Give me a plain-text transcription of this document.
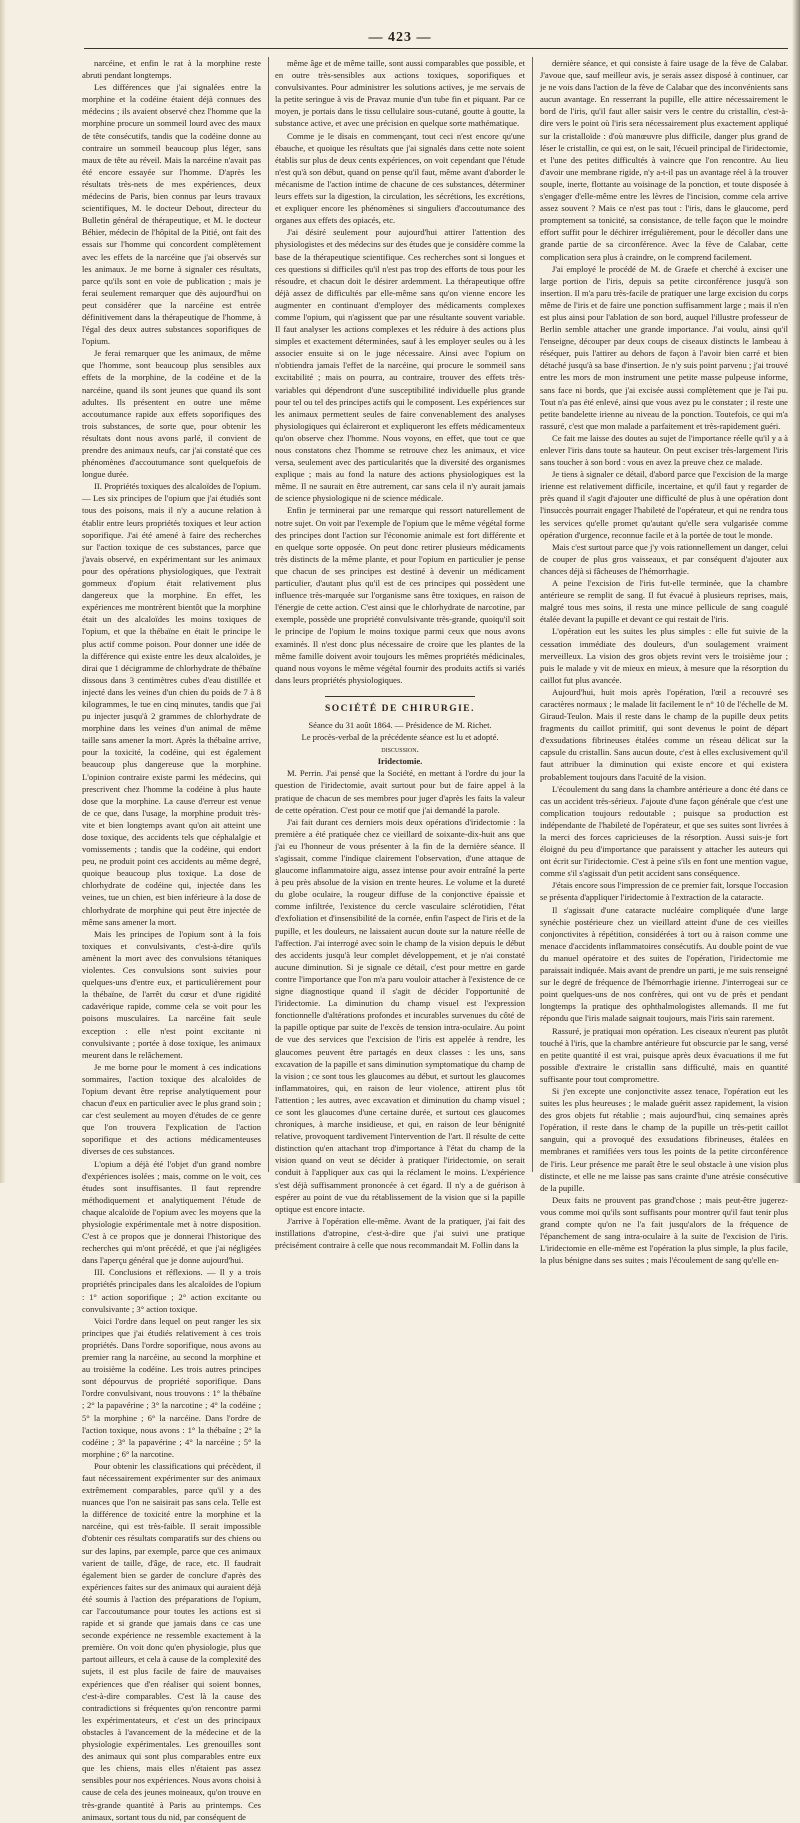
— 423 —

narcéine, et enfin le rat à la morphine reste abruti pendant longtemps.

Les différences que j'ai signalées entre la morphine et la codéine étaient déjà connues des médecins ; ils avaient observé chez l'homme que la morphine procure un sommeil lourd avec des maux de tête consécutifs, tandis que la codéine donne au contraire un sommeil beaucoup plus léger, sans maux de tête au réveil. Mais la narcéine n'avait pas été encore essayée sur l'homme. D'après les résultats très-nets de mes expériences, deux médecins de Paris, bien connus par leurs travaux scientifiques, M. le docteur Debout, directeur du Bulletin général de thérapeutique, et M. le docteur Béhier, médecin de l'hôpital de la Pitié, ont fait des essais sur l'homme qui concordent complètement avec les effets de la narcéine que j'ai observés sur les animaux. Je me borne à signaler ces résultats, parce qu'ils sont en voie de publication ; mais je ferai seulement remarquer que dès aujourd'hui on peut considérer que la narcéine est entrée définitivement dans la thérapeutique de l'homme, à l'égal des deux autres substances soporifiques de l'opium.

Je ferai remarquer que les animaux, de même que l'homme, sont beaucoup plus sensibles aux effets de la morphine, de la codéine et de la narcéine, quand ils sont jeunes que quand ils sont adultes. Ils présentent en outre une même accoutumance rapide aux effets soporifiques des trois substances, de sorte que, pour obtenir les résultats dont nous avons parlé, il convient de prendre des animaux neufs, car j'ai constaté que ces phénomènes d'accoutumance sont quelquefois de longue durée.

II. Propriétés toxiques des alcaloïdes de l'opium. — Les six principes de l'opium que j'ai étudiés sont tous des poisons, mais il n'y a aucune relation à établir entre leurs propriétés toxiques et leur action soporifique. J'ai été amené à faire des recherches sur l'action toxique de ces substances, parce que j'avais observé, en expérimentant sur les animaux pour des opérations physiologiques, que l'extrait gommeux d'opium était relativement plus dangereux que la morphine. En effet, les expériences me montrèrent bientôt que la morphine était un des alcaloïdes les moins toxiques de l'opium, et que la thébaïne en était le principe le plus actif comme poison. Pour donner une idée de la différence qui existe entre les deux alcaloïdes, je dirai que 1 décigramme de chlorhydrate de thébaïne dissous dans 3 centimètres cubes d'eau distillée et injecté dans les veines d'un chien du poids de 7 à 8 kilogrammes, le tue en cinq minutes, tandis que j'ai pu injecter jusqu'à 2 grammes de chlorhydrate de morphine dans les veines d'un animal de même taille sans amener la mort. Après la thébaïne arrive, pour la toxicité, la codéine, qui est également beaucoup plus dangereuse que la morphine. L'opinion contraire existe parmi les médecins, qui prescrivent chez l'homme la codéine à plus haute dose que la morphine. La cause d'erreur est venue de ce que, dans l'usage, la morphine produit très-vite et bien longtemps avant qu'on ait atteint une dose toxique, des accidents tels que céphalalgie et vomissements ; tandis que la codéine, qui endort peu, ne produit point ces accidents au même degré, quoique beaucoup plus toxique. La dose de chlorhydrate de codéine qui, injectée dans les veines, tue un chien, est bien inférieure à la dose de chlorhydrate de morphine qui peut être injectée de même sans amener la mort.

Mais les principes de l'opium sont à la fois toxiques et convulsivants, c'est-à-dire qu'ils amènent la mort avec des convulsions tétaniques violentes. Ces convulsions sont suivies pour quelques-uns d'entre eux, et particulièrement pour la thébaïne, de l'arrêt du cœur et d'une rigidité cadavérique rapide, comme cela se voit pour les poisons musculaires. La narcéine fait seule exception : elle n'est point excitante ni convulsivante ; portée à dose toxique, les animaux meurent dans le relâchement.

Je me borne pour le moment à ces indications sommaires, l'action toxique des alcaloïdes de l'opium devant être reprise analytiquement pour chacun d'eux en particulier avec le plus grand soin ; car c'est seulement au moyen d'études de ce genre que l'on trouvera l'explication de l'action soporifique et des actions médicamenteuses diverses de ces substances.

L'opium a déjà été l'objet d'un grand nombre d'expériences isolées ; mais, comme on le voit, ces études sont insuffisantes. Il faut reprendre méthodiquement et analytiquement l'étude de chaque alcaloïde de l'opium avec les moyens que la physiologie expérimentale met à notre disposition. C'est à ce propos que je donnerai l'historique des recherches qui m'ont précédé, et que j'ai négligées dans l'aperçu général que je donne aujourd'hui.

III. Conclusions et réflexions. — Il y a trois propriétés principales dans les alcaloïdes de l'opium : 1° action soporifique ; 2° action excitante ou convulsivante ; 3° action toxique.

Voici l'ordre dans lequel on peut ranger les six principes que j'ai étudiés relativement à ces trois propriétés. Dans l'ordre soporifique, nous avons au premier rang la narcéine, au second la morphine et au troisième la codéine. Les trois autres principes sont dépourvus de propriété soporifique. Dans l'ordre convulsivant, nous trouvons : 1° la thébaïne ; 2° la papavérine ; 3° la narcotine ; 4° la codéine ; 5° la morphine ; 6° la narcéine. Dans l'ordre de l'action toxique, nous avons : 1° la thébaïne ; 2° la codéine ; 3° la papavérine ; 4° la narcéine ; 5° la morphine ; 6° la narcotine.

Pour obtenir les classifications qui précèdent, il faut nécessairement expérimenter sur des animaux extrêmement comparables, parce qu'il y a des nuances que l'on ne saisirait pas sans cela. Telle est la différence de toxicité entre la morphine et la narcéine, qui est très-faible. Il serait impossible d'obtenir ces résultats comparatifs sur des chiens ou sur des lapins, par exemple, parce que ces animaux varient de taille, d'âge, de race, etc. Il faudrait également bien se garder de conclure d'après des expériences faites sur des animaux qui auraient déjà été soumis à l'action des préparations de l'opium, car l'accoutumance pour toutes les actions est si rapide et si grande que jamais dans ce cas une seconde expérience ne ressemble exactement à la première. On voit donc qu'en physiologie, plus que partout ailleurs, et cela à cause de la complexité des sujets, il est plus facile de faire de mauvaises expériences que d'en réaliser qui soient bonnes, c'est-à-dire comparables. C'est là la cause des contradictions si fréquentes qu'on rencontre parmi les expérimentateurs, et c'est un des principaux obstacles à l'avancement de la médecine et de la physiologie expérimentales. Les grenouilles sont des animaux qui sont plus comparables entre eux que les chiens, mais elles n'étaient pas assez sensibles pour nos expériences. Nous avons choisi à cause de cela des jeunes moineaux, qu'on trouve en très-grande quantité à Paris au printemps. Ces animaux, sortant tous du nid, par conséquent de

même âge et de même taille, sont aussi comparables que possible, et en outre très-sensibles aux actions toxiques, soporifiques et convulsivantes. Pour administrer les solutions actives, je me servais de la petite seringue à vis de Pravaz munie d'un tube fin et piquant. Par ce moyen, je portais dans le tissu cellulaire sous-cutané, goutte à goutte, la substance active, et avec une précision en quelque sorte mathématique.

Comme je le disais en commençant, tout ceci n'est encore qu'une ébauche, et quoique les résultats que j'ai signalés dans cette note soient établis sur plus de deux cents expériences, on voit cependant que l'étude n'est qu'à son début, quand on pense qu'il faut, même avant d'aborder le mécanisme de l'action intime de chacune de ces substances, déterminer leurs effets sur la digestion, la circulation, les sécrétions, les excrétions, et expliquer encore les phénomènes si singuliers d'accoutumance des organes aux effets des opiacés, etc.

J'ai désiré seulement pour aujourd'hui attirer l'attention des physiologistes et des médecins sur des études que je considère comme la base de la thérapeutique scientifique. Ces recherches sont si longues et ces questions si difficiles qu'il n'est pas trop des efforts de tous pour les résoudre, et chacun doit le désirer ardemment. La thérapeutique offre déjà assez de difficultés par elle-même sans qu'on vienne encore les augmenter en continuant d'employer des médicaments complexes comme l'opium, qui n'agissent que par une résultante souvent variable. Il faut analyser les actions complexes et les réduire à des actions plus simples et exactement déterminées, sauf à les employer seules ou à les associer ensuite si on le juge nécessaire. Ainsi avec l'opium on n'obtiendra jamais l'effet de la narcéine, qui procure le sommeil sans excitabilité ; mais on pourra, au contraire, trouver des effets très-variables qui dépendront d'une susceptibilité individuelle plus grande pour tel ou tel des principes actifs qui le composent. Les expériences sur les animaux permettent seules de faire convenablement des analyses physiologiques qui éclaireront et expliqueront les effets médicamenteux qu'on observe chez l'homme. Nous voyons, en effet, que tout ce que nous constatons chez l'homme se retrouve chez les animaux, et vice versa, seulement avec des particularités que la diversité des organismes explique ; mais au fond la nature des actions physiologiques est la même. Il ne saurait en être autrement, car sans cela il n'y aurait jamais de science physiologique ni de science médicale.

Enfin je terminerai par une remarque qui ressort naturellement de notre sujet. On voit par l'exemple de l'opium que le même végétal forme des principes dont l'action sur l'économie animale est fort différente et en quelque sorte opposée. On peut donc retirer plusieurs médicaments très distincts de la même plante, et pour l'opium en particulier je pense que chacun de ses principes est destiné à devenir un médicament particulier, d'autant plus qu'il est de ces principes qui possèdent une influence très-marquée sur l'organisme sans être toxiques, en raison de l'énergie de cette action. C'est ainsi que le chlorhydrate de narcotine, par exemple, possède une propriété convulsivante très-grande, quoiqu'il soit le principe de l'opium le moins toxique parmi ceux que nous avons examinés. Il n'est donc plus nécessaire de croire que les plantes de la même famille doivent avoir toujours les mêmes propriétés médicinales, quand nous voyons le même végétal fournir des produits actifs si variés dans leurs propriétés physiologiques.

SOCIÉTÉ DE CHIRURGIE.

Séance du 31 août 1864. — Présidence de M. Richet.

Le procès-verbal de la précédente séance est lu et adopté.

discussion.

Iridectomie.

M. Perrin. J'ai pensé que la Société, en mettant à l'ordre du jour la question de l'iridectomie, avait surtout pour but de faire appel à la pratique de chacun de ses membres pour juger d'après les faits la valeur de cette opération. C'est pour ce motif que j'ai demandé la parole.

J'ai fait durant ces derniers mois deux opérations d'iridectomie : la première a été pratiquée chez ce vieillard de soixante-dix-huit ans que j'ai eu l'honneur de vous présenter à la fin de la dernière séance. Il s'agissait, comme l'indique clairement l'observation, d'une attaque de glaucome inflammatoire aigu, assez intense pour avoir entraîné la perte à peu près absolue de la vision en trente heures. Le volume et la dureté du globe oculaire, la rougeur diffuse de la conjonctive épaissie et comme infiltrée, l'existence du cercle vasculaire sclérotidien, l'état d'exfoliation et d'insensibilité de la cornée, enfin l'aspect de l'iris et de la pupille, et les douleurs, ne laissaient aucun doute sur la nature réelle de l'affection. J'ai interrogé avec soin le champ de la vision depuis le début des accidents jusqu'à leur complet développement, et je n'ai constaté aucune diminution. Si je signale ce détail, c'est pour mettre en garde contre l'importance que l'on m'a paru vouloir attacher à l'existence de ce signe diagnostique quand il s'agit de décider l'opportunité de l'iridectomie. La diminution du champ visuel est l'expression fonctionnelle d'altérations profondes et incurables survenues du côté de la papille optique par suite de l'excès de tension intra-oculaire. Au point de vue des services que l'excision de l'iris est appelée à rendre, les glaucomes peuvent être partagés en deux classes : les uns, sans excavation de la papille et sans diminution symptomatique du champ de la vision ; ce sont tous les glaucomes au début, et surtout les glaucomes inflammatoires, qui, en raison de leur violence, attirent plus tôt l'attention ; les autres, avec excavation et diminution du champ visuel ; ce sont les glaucomes d'une certaine durée, et surtout ces glaucomes chroniques, à marche insidieuse, et qui, en raison de leur bénignité relative, provoquent tardivement l'intervention de l'art. Il résulte de cette distinction qu'en attachant trop d'importance à l'état du champ de la vision quand on veut se décider à pratiquer l'iridectomie, on serait conduit à l'appliquer aux cas qui la réclament le moins. L'expérience s'est déjà suffisamment prononcée à cet égard. Il n'y a de guérison à espérer au point de vue du rétablissement de la vision que si la papille optique est encore intacte.

J'arrive à l'opération elle-même. Avant de la pratiquer, j'ai fait des instillations d'atropine, c'est-à-dire que j'ai suivi une pratique précisément contraire à celle que nous recommandait M. Follin dans la

dernière séance, et qui consiste à faire usage de la fève de Calabar. J'avoue que, sauf meilleur avis, je serais assez disposé à continuer, car je ne vois dans l'action de la fève de Calabar que des inconvénients sans aucun avantage. En resserrant la pupille, elle attire nécessairement le bord de l'iris, qu'il faut aller saisir vers le centre du cristallin, c'est-à-dire vers le point où l'iris sera nécessairement plus exactement appliqué sur la cristalloïde : d'où manœuvre plus difficile, danger plus grand de léser le cristallin, ce qui est, on le sait, l'écueil principal de l'iridectomie, et l'une des petites difficultés à vaincre que l'on rencontre. Au lieu d'avoir une membrane rigide, n'y a-t-il pas un avantage réel à la trouver souple, inerte, flottante au voisinage de la ponction, et toute disposée à s'engager d'elle-même entre les lèvres de l'incision, comme cela arrive assez souvent ? Mais ce n'est pas tout : l'iris, dans le glaucome, perd promptement sa tonicité, sa consistance, de telle façon que le moindre effort suffit pour le déchirer irrégulièrement, pour le décoller dans une grande partie de sa circonférence. Avec la fève de Calabar, cette complication sera plus à craindre, on le comprend facilement.

J'ai employé le procédé de M. de Graefe et cherché à exciser une large portion de l'iris, depuis sa petite circonférence jusqu'à son insertion. Il m'a paru très-facile de pratiquer une large excision du corps même de l'iris et de faire une ponction suffisamment large ; mais il n'en est plus ainsi pour l'ablation de son bord, auquel l'illustre professeur de Berlin semble attacher une grande importance. J'ai voulu, ainsi qu'il l'enseigne, découper par deux coups de ciseaux distincts le lambeau à réséquer, puis l'attirer au dehors de façon à l'avoir bien carré et bien détaché jusqu'à sa base d'insertion. Je n'y suis point parvenu ; j'ai trouvé entre les mors de mon instrument une petite masse pulpeuse informe, sans face ni bords, que j'ai excisée aussi complètement que je l'ai pu. Tout n'a pas été enlevé, ainsi que vous avez pu le constater ; il reste une petite bandelette irienne au niveau de la ponction. Toutefois, ce qui m'a rassuré, c'est que mon malade a parfaitement et très-rapidement guéri.

Ce fait me laisse des doutes au sujet de l'importance réelle qu'il y a à enlever l'iris dans toute sa hauteur. On peut exciser très-largement l'iris sans toucher à son bord : vous en avez la preuve chez ce malade.

Je tiens à signaler ce détail, d'abord parce que l'excision de la marge irienne est relativement difficile, incertaine, et qu'il faut y regarder de près quand il s'agit d'ajouter une difficulté de plus à une opération dont l'insuccès pourrait engager l'habileté de l'opérateur, et qui ne rendra tous les services qu'elle promet qu'autant qu'elle sera vulgarisée comme opération d'urgence, reconnue facile et à la portée de tout le monde.

Mais c'est surtout parce que j'y vois rationnellement un danger, celui de couper de plus gros vaisseaux, et par conséquent d'ajouter aux chances déjà si fâcheuses de l'hémorrhagie.

A peine l'excision de l'iris fut-elle terminée, que la chambre antérieure se remplit de sang. Il fut évacué à plusieurs reprises, mais, malgré tous mes soins, il resta une mince pellicule de sang coagulé étalée devant la pupille et devant ce qui restait de l'iris.

L'opération eut les suites les plus simples : elle fut suivie de la cessation immédiate des douleurs, d'un soulagement vraiment merveilleux. La vision des gros objets revint vers le troisième jour ; puis le malade y vit de mieux en mieux, à mesure que la résorption du caillot fut plus avancée.

Aujourd'hui, huit mois après l'opération, l'œil a recouvré ses caractères normaux ; le malade lit facilement le n° 10 de l'échelle de M. Giraud-Teulon. Mais il reste dans le champ de la pupille deux petits fragments du caillot primitif, qui sont devenus le point de départ d'exsudations fibrineuses étalées comme un réseau délicat sur la capsule du cristallin. Sans aucun doute, c'est à elles exclusivement qu'il faut attribuer la diminution qui existe encore et qui existera probablement toujours dans l'acuité de la vision.

L'écoulement du sang dans la chambre antérieure a donc été dans ce cas un accident très-sérieux. J'ajoute d'une façon générale que c'est une complication toujours redoutable ; puisque sa production est indépendante de l'habileté de l'opérateur, et que ses suites sont livrées à la merci des forces capricieuses de la résorption. Aussi suis-je fort éloigné du peu d'importance que paraissent y attacher les auteurs qui ont écrit sur l'iridectomie. C'est à peine s'ils en font une mention vague, comme s'il s'agissait d'un petit accident sans conséquence.

J'étais encore sous l'impression de ce premier fait, lorsque l'occasion se présenta d'appliquer l'iridectomie à l'extraction de la cataracte.

Il s'agissait d'une cataracte nucléaire compliquée d'une large synéchie postérieure chez un vieillard atteint d'une de ces vieilles conjonctivites à répétition, considérées à tort ou à raison comme une menace d'accidents inflammatoires consécutifs. Au double point de vue du manuel opératoire et des suites de l'opération, l'iridectomie me paraissait indiquée. Mais avant de prendre un parti, je me suis renseigné sur le degré de fréquence de l'hémorrhagie irienne. J'interrogeai sur ce point quelques-uns de nos confrères, qui ont vu de près et pendant longtemps la pratique des ophthalmologistes allemands. Il me fut répondu que l'iris malade saignait toujours, mais l'iris sain rarement.

Rassuré, je pratiquai mon opération. Les ciseaux n'eurent pas plutôt touché à l'iris, que la chambre antérieure fut obscurcie par le sang, versé en petite quantité il est vrai, puisque après deux évacuations il me fut possible d'extraire le cristallin sans difficulté, mais en quantité suffisante pour tout compromettre.

Si j'en excepte une conjonctivite assez tenace, l'opération eut les suites les plus heureuses ; le malade guérit assez rapidement, la vision des gros objets fut rétablie ; mais aujourd'hui, cinq semaines après l'opération, il reste dans le champ de la pupille un très-petit caillot sanguin, qui a provoqué des exsudations fibrineuses, étalées en membranes et ramifiées vers tous les points de la petite circonférence de l'iris. Leur présence me paraît être le seul obstacle à une vision plus distincte, et elle ne me laisse pas sans crainte d'une atrésie consécutive de la pupille.

Deux faits ne prouvent pas grand'chose ; mais peut-être jugerez-vous comme moi qu'ils sont suffisants pour montrer qu'il faut tenir plus grand compte qu'on ne l'a fait jusqu'alors de la fréquence de l'épanchement de sang intra-oculaire à la suite de l'excision de l'iris. L'iridectomie en elle-même est l'opération la plus simple, la plus facile, la plus bénigne dans ses suites ; mais l'écoulement de sang qu'elle en-
